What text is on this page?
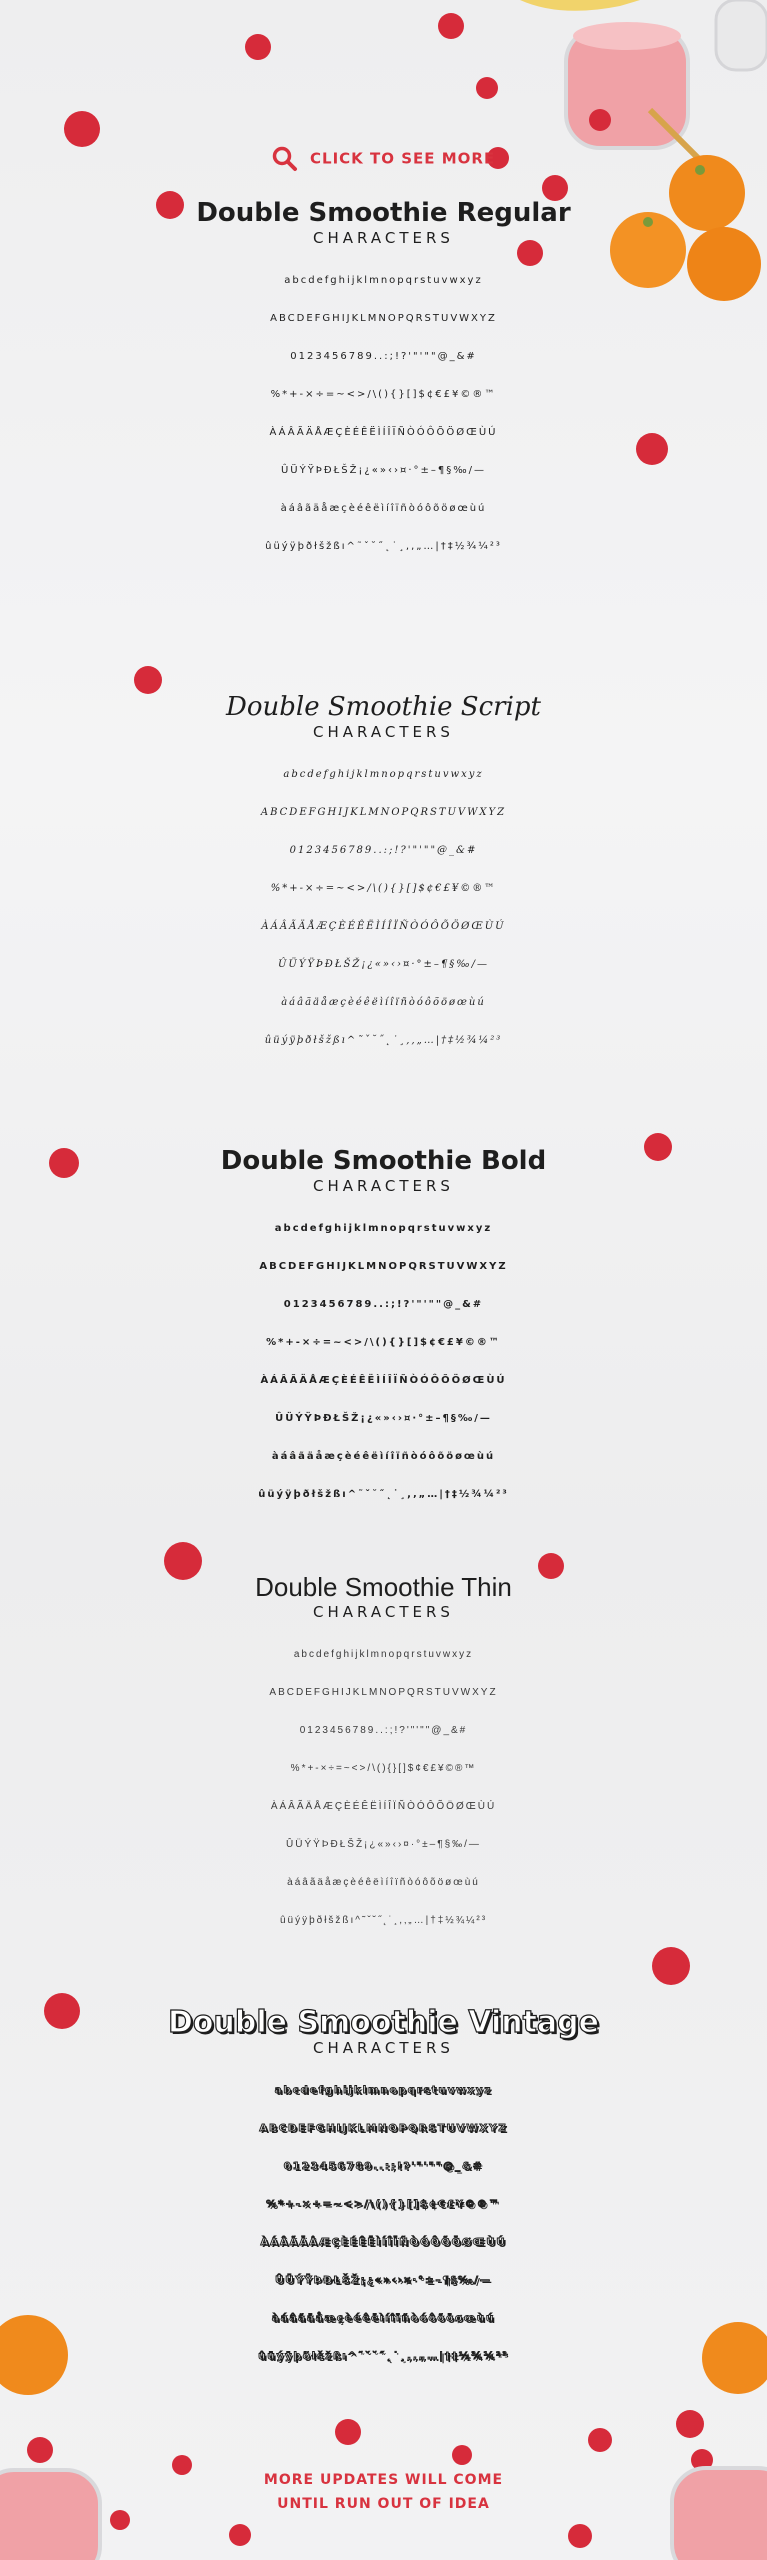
CLICK TO SEE MORE
Double Smoothie Regular
CHARACTERS
abcdefghijklmnopqrstuvwxyz
ABCDEFGHIJKLMNOPQRSTUVWXYZ
0123456789..:;!?'"'""@_&#
%*+-×÷=~<>/\(){}[]$¢€£¥©®™
ÀÁÂÃÄÅÆÇÈÉÊËÌÍÎÏÑÒÓÔÕÖØŒÙÚ
ÛÜÝŸÞÐŁŠŽ¡¿«»‹›¤·°±–¶§‰/—
àáâãäåæçèéêëìíîïñòóôõöøœùú
ûüýÿþðłšžßı^˜ˇ˘˝˛˙¸,‚„…|†‡½¾¼²³
Double Smoothie Script
CHARACTERS
abcdefghijklmnopqrstuvwxyz
ABCDEFGHIJKLMNOPQRSTUVWXYZ
0123456789..:;!?'"'""@_&#
%*+-×÷=~<>/\(){}[]$¢€£¥©®™
ÀÁÂÃÄÅÆÇÈÉÊËÌÍÎÏÑÒÓÔÕÖØŒÙÚ
ÛÜÝŸÞÐŁŠŽ¡¿«»‹›¤·°±–¶§‰/—
àáâãäåæçèéêëìíîïñòóôõöøœùú
ûüýÿþðłšžßı^˜ˇ˘˝˛˙¸,‚„…|†‡½¾¼²³
Double Smoothie Bold
CHARACTERS
abcdefghijklmnopqrstuvwxyz
ABCDEFGHIJKLMNOPQRSTUVWXYZ
0123456789..:;!?'"'""@_&#
%*+-×÷=~<>/\(){}[]$¢€£¥©®™
ÀÁÂÃÄÅÆÇÈÉÊËÌÍÎÏÑÒÓÔÕÖØŒÙÚ
ÛÜÝŸÞÐŁŠŽ¡¿«»‹›¤·°±–¶§‰/—
àáâãäåæçèéêëìíîïñòóôõöøœùú
ûüýÿþðłšžßı^˜ˇ˘˝˛˙¸,‚„…|†‡½¾¼²³
Double Smoothie Thin
CHARACTERS
abcdefghijklmnopqrstuvwxyz
ABCDEFGHIJKLMNOPQRSTUVWXYZ
0123456789..:;!?'"'""@_&#
%*+-×÷=~<>/\(){}[]$¢€£¥©®™
ÀÁÂÃÄÅÆÇÈÉÊËÌÍÎÏÑÒÓÔÕÖØŒÙÚ
ÛÜÝŸÞÐŁŠŽ¡¿«»‹›¤·°±–¶§‰/—
àáâãäåæçèéêëìíîïñòóôõöøœùú
ûüýÿþðłšžßı^˜ˇ˘˝˛˙¸,‚„…|†‡½¾¼²³
Double Smoothie Vintage
CHARACTERS
abcdefghijklmnopqrstuvwxyz
ABCDEFGHIJKLMNOPQRSTUVWXYZ
0123456789..:;!?'"'""@_&#
%*+-×÷=~<>/\(){}[]$¢€£¥©®™
ÀÁÂÃÄÅÆÇÈÉÊËÌÍÎÏÑÒÓÔÕÖØŒÙÚ
ÛÜÝŸÞÐŁŠŽ¡¿«»‹›¤·°±–¶§‰/—
àáâãäåæçèéêëìíîïñòóôõöøœùú
ûüýÿþðłšžßı^˜ˇ˘˝˛˙¸,‚„…|†‡½¾¼²³
MORE UPDATES WILL COME
UNTIL RUN OUT OF IDEA
